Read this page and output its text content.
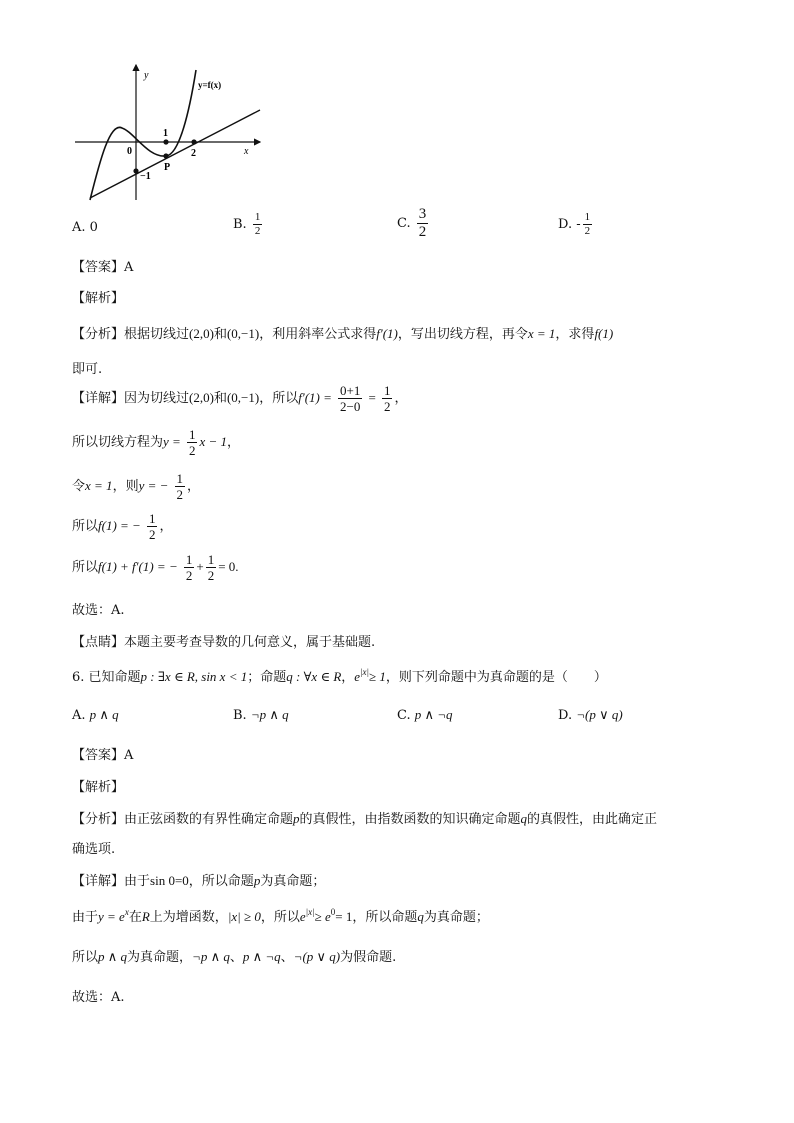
y
x
y=f(x)
0
1
2
P
−1
A. 0	B. $\frac{1}{2}$	C. $\frac{3}{2}$	D. - $\frac{1}{2}$
【答案】A
【解析】
【分析】根据切线过(2,0)和(0,−1)，利用斜率公式求得f′(1)，写出切线方程，再令x = 1，求得f(1)
即可.
【详解】因为切线过(2,0)和(0,−1)，所以$f'(1) = \frac{0+1}{2-0} = \frac{1}{2}$ ，
所以切线方程为$y = \frac{1}{2}$ x − 1，
令x = 1，则y = − $\frac{1}{2}$ ，
所以f(1) = − $\frac{1}{2}$ ，
所以f(1) + f′(1) = − $\frac{1}{2} + \frac{1}{2} = 0$.
故选：A.
【点睛】本题主要考查导数的几何意义，属于基础题.
6. 已知命题p : ∃x ∈ R, sin x < 1；命题q : ∀x ∈ R，$e^{|x|}\ge 1$，则下列命题中为真命题的是（　　）
A. p ∧ q	B. ¬p ∧ q	C. p ∧ ¬q	D. ¬(p ∨ q)
【答案】A
【解析】
【分析】由正弦函数的有界性确定命题p的真假性，由指数函数的知识确定命题q的真假性，由此确定正
确选项.
【详解】由于sin 0=0，所以命题p为真命题；
由于$y = e^x$在R上为增函数，|x| ≥ 0，所以$e^{|x|}\ge e^0= 1$，所以命题q为真命题；
所以p ∧ q为真命题，¬p ∧ q、p ∧ ¬q、¬(p ∨ q)为假命题.
故选：A.
